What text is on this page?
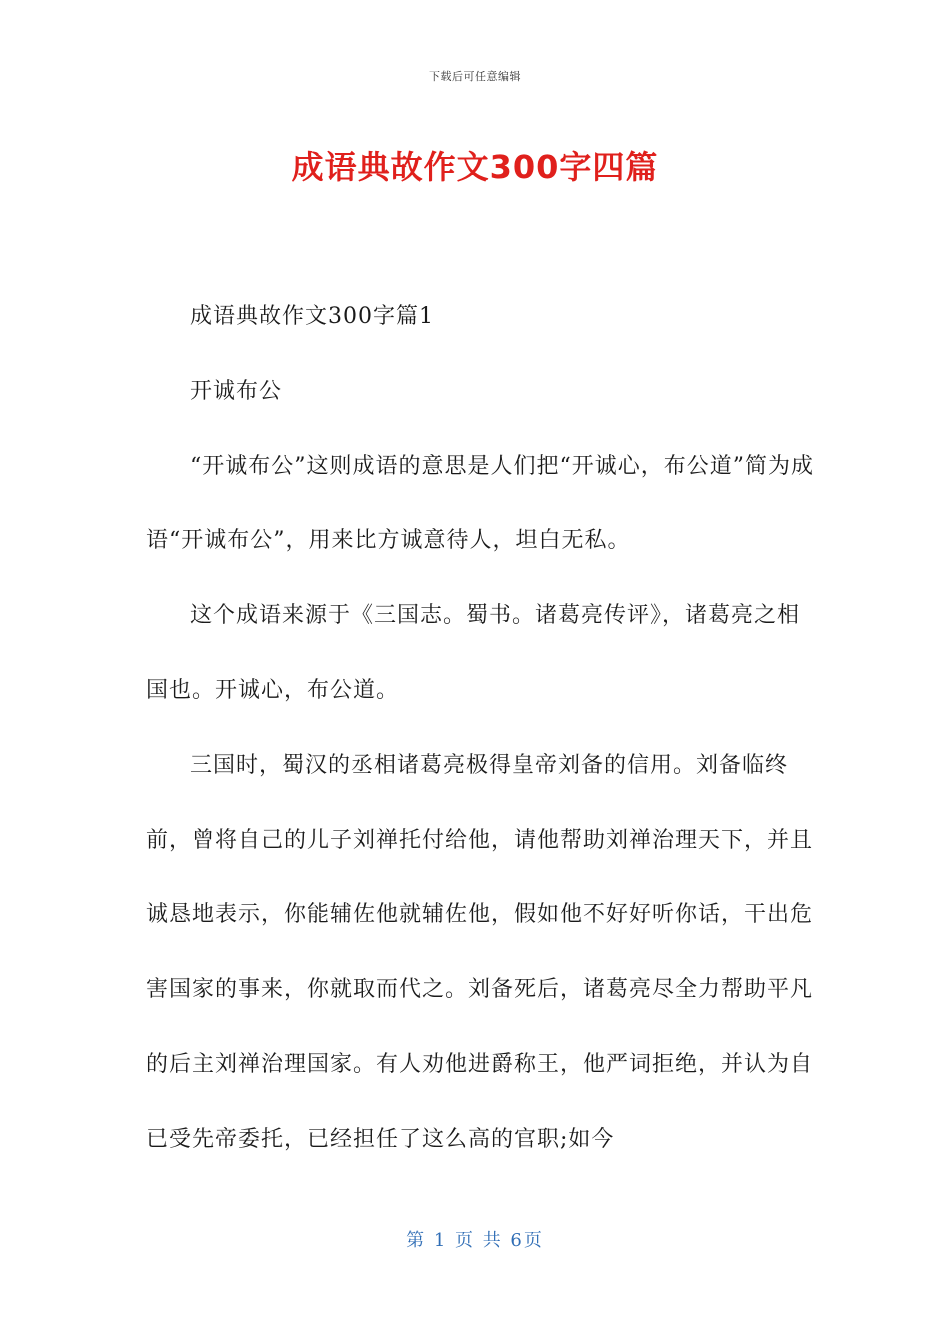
下载后可任意编辑
成语典故作文300字四篇

成语典故作文300字篇1

开诚布公

“开诚布公”这则成语的意思是人们把“开诚心，布公道”简为成语“开诚布公”，用来比方诚意待人，坦白无私。

这个成语来源于《三国志。蜀书。诸葛亮传评》，诸葛亮之相国也。开诚心，布公道。

三国时，蜀汉的丞相诸葛亮极得皇帝刘备的信用。刘备临终前，曾将自己的儿子刘禅托付给他，请他帮助刘禅治理天下，并且诚恳地表示，你能辅佐他就辅佐他，假如他不好好听你话，干出危害国家的事来，你就取而代之。刘备死后，诸葛亮尽全力帮助平凡的后主刘禅治理国家。有人劝他进爵称王，他严词拒绝，并认为自已受先帝委托，已经担任了这么高的官职;如今

第 1 页 共 6页
